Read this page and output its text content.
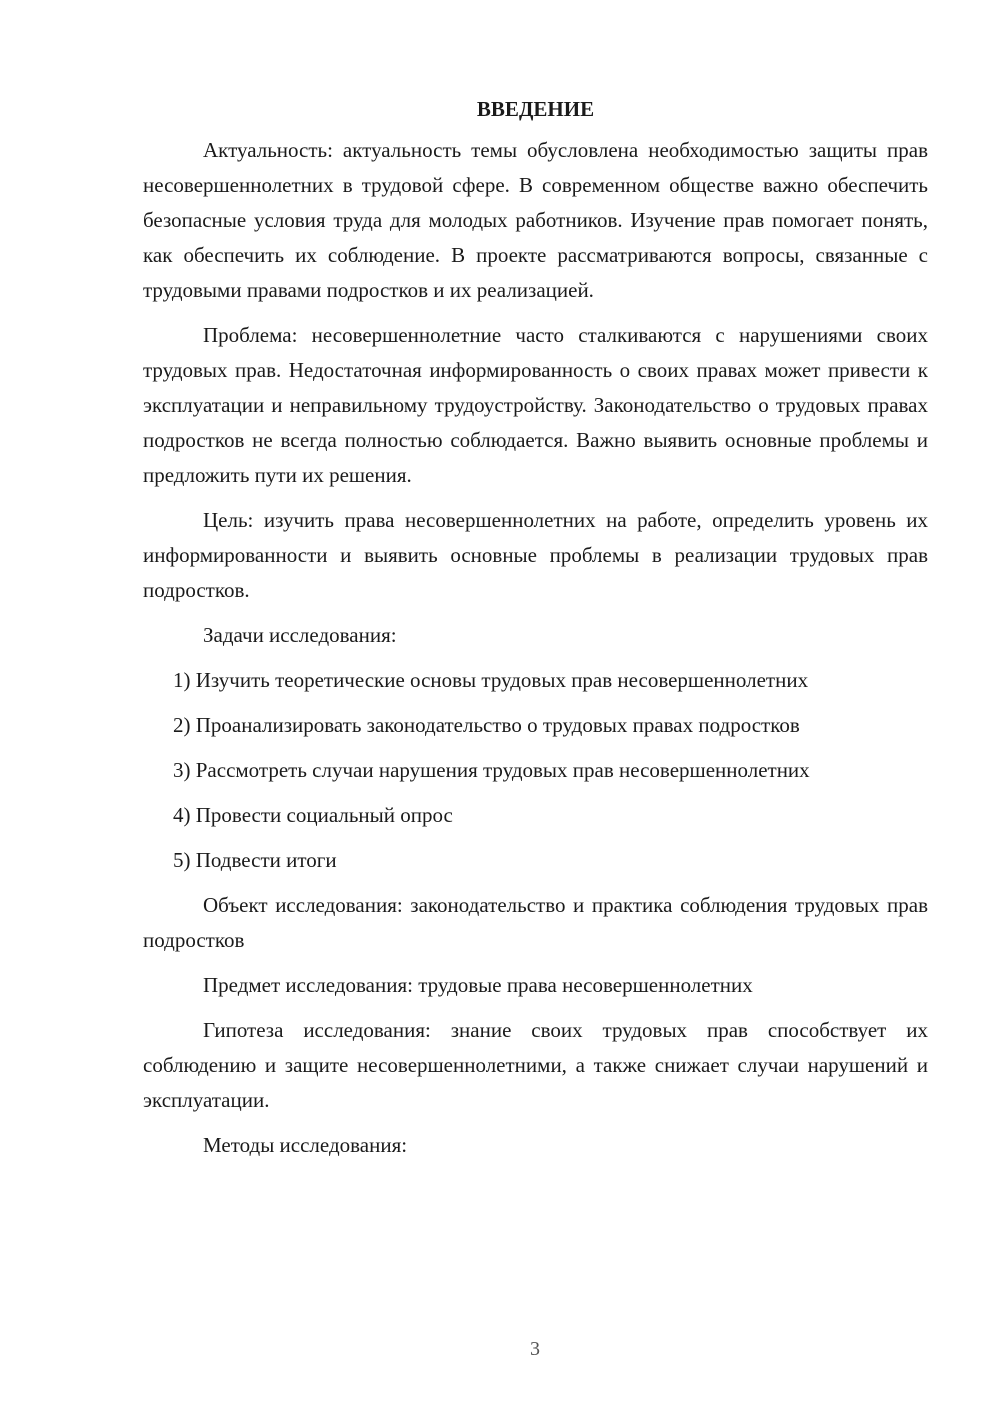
ВВЕДЕНИЕ

Актуальность: актуальность темы обусловлена необходимостью защиты прав несовершеннолетних в трудовой сфере. В современном обществе важно обеспечить безопасные условия труда для молодых работников. Изучение прав помогает понять, как обеспечить их соблюдение. В проекте рассматриваются вопросы, связанные с трудовыми правами подростков и их реализацией.

Проблема: несовершеннолетние часто сталкиваются с нарушениями своих трудовых прав. Недостаточная информированность о своих правах может привести к эксплуатации и неправильному трудоустройству. Законодательство о трудовых правах подростков не всегда полностью соблюдается. Важно выявить основные проблемы и предложить пути их решения.

Цель: изучить права несовершеннолетних на работе, определить уровень их информированности и выявить основные проблемы в реализации трудовых прав подростков.

Задачи исследования:

1) Изучить теоретические основы трудовых прав несовершеннолетних

2) Проанализировать законодательство о трудовых правах подростков

3) Рассмотреть случаи нарушения трудовых прав несовершеннолетних

4) Провести социальный опрос

5) Подвести итоги

Объект исследования: законодательство и практика соблюдения трудовых прав подростков

Предмет исследования: трудовые права несовершеннолетних

Гипотеза исследования: знание своих трудовых прав способствует их соблюдению и защите несовершеннолетними, а также снижает случаи нарушений и эксплуатации.

Методы исследования:

3
